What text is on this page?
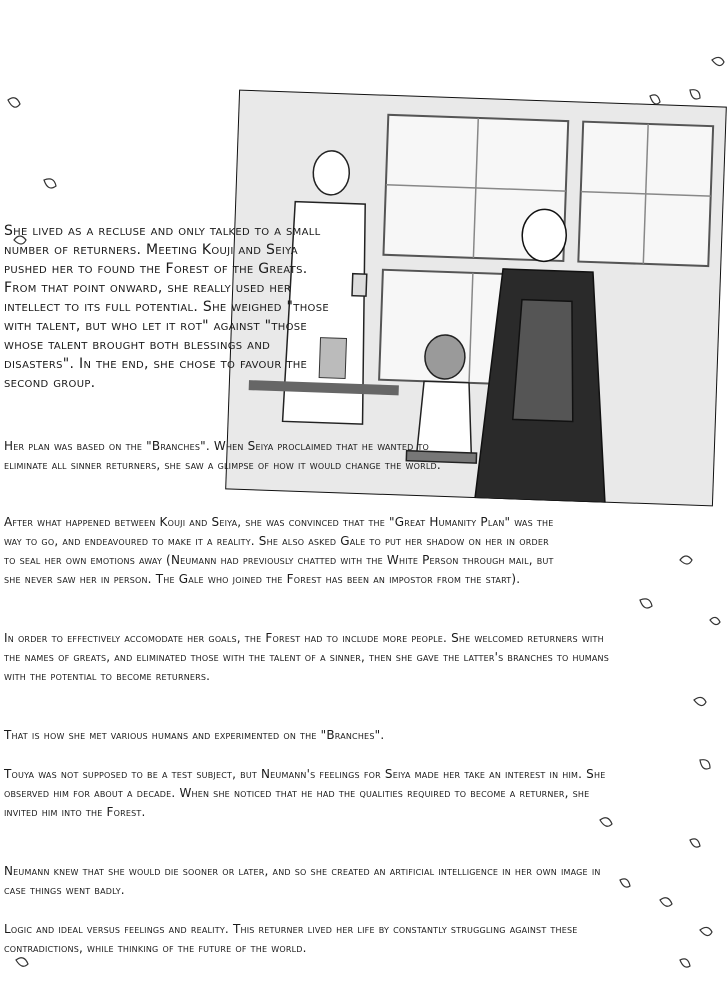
She lived as a recluse and only talked to a small number of returners. Meeting Kouji and Seiya pushed her to found the Forest of the Greats. From that point onward, she really used her intellect to its full potential. She weighed "those with talent, but who let it rot" against "those whose talent brought both blessings and disasters". In the end, she chose to favour the second group.

Her plan was based on the "Branches". When Seiya proclaimed that he wanted to eliminate all sinner returners, she saw a glimpse of how it would change the world.

After what happened between Kouji and Seiya, she was convinced that the "Great Humanity Plan" was the way to go, and endeavoured to make it a reality. She also asked Gale to put her shadow on her in order to seal her own emotions away (Neumann had previously chatted with the White Person through mail, but she never saw her in person. The Gale who joined the Forest has been an impostor from the start).

In order to effectively accomodate her goals, the Forest had to include more people. She welcomed returners with the names of greats, and eliminated those with the talent of a sinner, then she gave the latter's branches to humans with the potential to become returners.

That is how she met various humans and experimented on the "Branches".

Touya was not supposed to be a test subject, but Neumann's feelings for Seiya made her take an interest in him. She observed him for about a decade. When she noticed that he had the qualities required to become a returner, she invited him into the Forest.

Neumann knew that she would die sooner or later, and so she created an artificial intelligence in her own image in case things went badly.

Logic and ideal versus feelings and reality. This returner lived her life by constantly struggling against these contradictions, while thinking of the future of the world.
